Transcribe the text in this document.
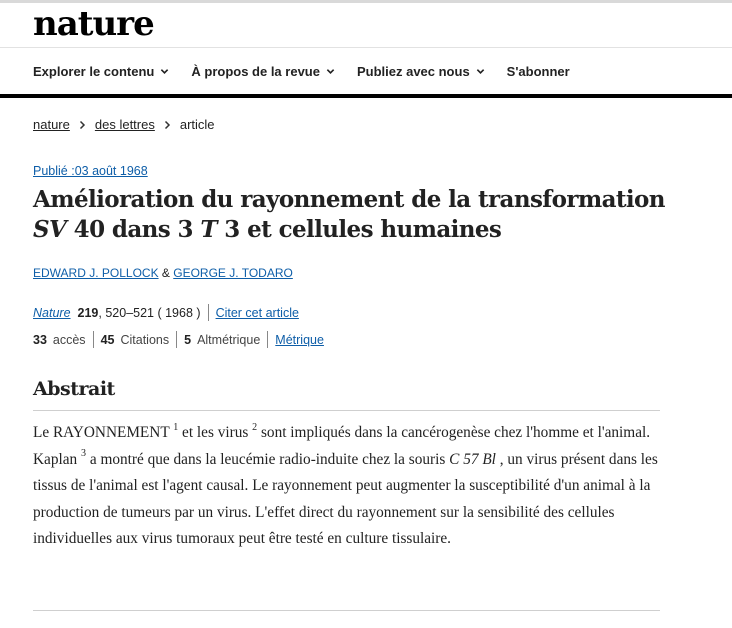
nature
Explorer le contenu	À propos de la revue	Publiez avec nous	S'abonner
nature des lettres article
Publié :03 août 1968
Amélioration du rayonnement de la transformation SV 40 dans 3 T 3 et cellules humaines
EDWARD J. POLLOCK & GEORGE J. TODARO
Nature 219 , 520–521 ( 1968 ) Citer cet article
33 accès 45 Citations 5 Altmétrique Métrique
Abstrait

Le RAYONNEMENT $^1$ et les virus $^2$ sont impliqués dans la cancérogenèse chez l'homme et l'animal. Kaplan $^3$ a montré que dans la leucémie radio-induite chez la souris C 57 Bl , un virus présent dans les tissus de l'animal est l'agent causal. Le rayonnement peut augmenter la susceptibilité d'un animal à la production de tumeurs par un virus. L'effet direct du rayonnement sur la sensibilité des cellules individuelles aux virus tumoraux peut être testé en culture tissulaire.
